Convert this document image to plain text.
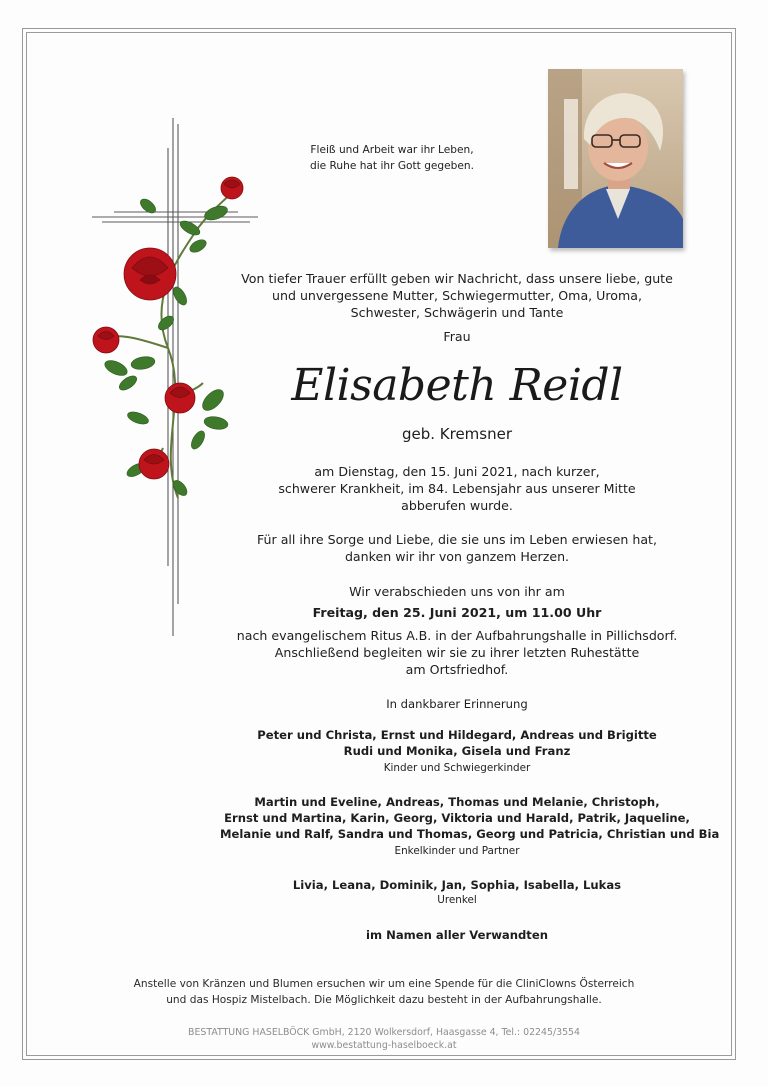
Fleiß und Arbeit war ihr Leben,
die Ruhe hat ihr Gott gegeben.
Von tiefer Trauer erfüllt geben wir Nachricht, dass unsere liebe, gute
und unvergessene Mutter, Schwiegermutter, Oma, Uroma,
Schwester, Schwägerin und Tante
Frau
Elisabeth Reidl
geb. Kremsner
am Dienstag, den 15. Juni 2021, nach kurzer,
schwerer Krankheit, im 84. Lebensjahr aus unserer Mitte
abberufen wurde.
Für all ihre Sorge und Liebe, die sie uns im Leben erwiesen hat,
danken wir ihr von ganzem Herzen.
Wir verabschieden uns von ihr am
Freitag, den 25. Juni 2021, um 11.00 Uhr
nach evangelischem Ritus A.B. in der Aufbahrungshalle in Pillichsdorf.
Anschließend begleiten wir sie zu ihrer letzten Ruhestätte
am Ortsfriedhof.
In dankbarer Erinnerung
Peter und Christa, Ernst und Hildegard, Andreas und Brigitte
Rudi und Monika, Gisela und Franz
Kinder und Schwiegerkinder
Martin und Eveline, Andreas, Thomas und Melanie, Christoph,
Ernst und Martina, Karin, Georg, Viktoria und Harald, Patrik, Jaqueline,
Melanie und Ralf, Sandra und Thomas, Georg und Patricia, Christian und Bia
Enkelkinder und Partner
Livia, Leana, Dominik, Jan, Sophia, Isabella, Lukas
Urenkel
im Namen aller Verwandten
Anstelle von Kränzen und Blumen ersuchen wir um eine Spende für die CliniClowns Österreich
und das Hospiz Mistelbach. Die Möglichkeit dazu besteht in der Aufbahrungshalle.
BESTATTUNG HASELBÖCK GmbH, 2120 Wolkersdorf, Haasgasse 4, Tel.: 02245/3554
www.bestattung-haselboeck.at
